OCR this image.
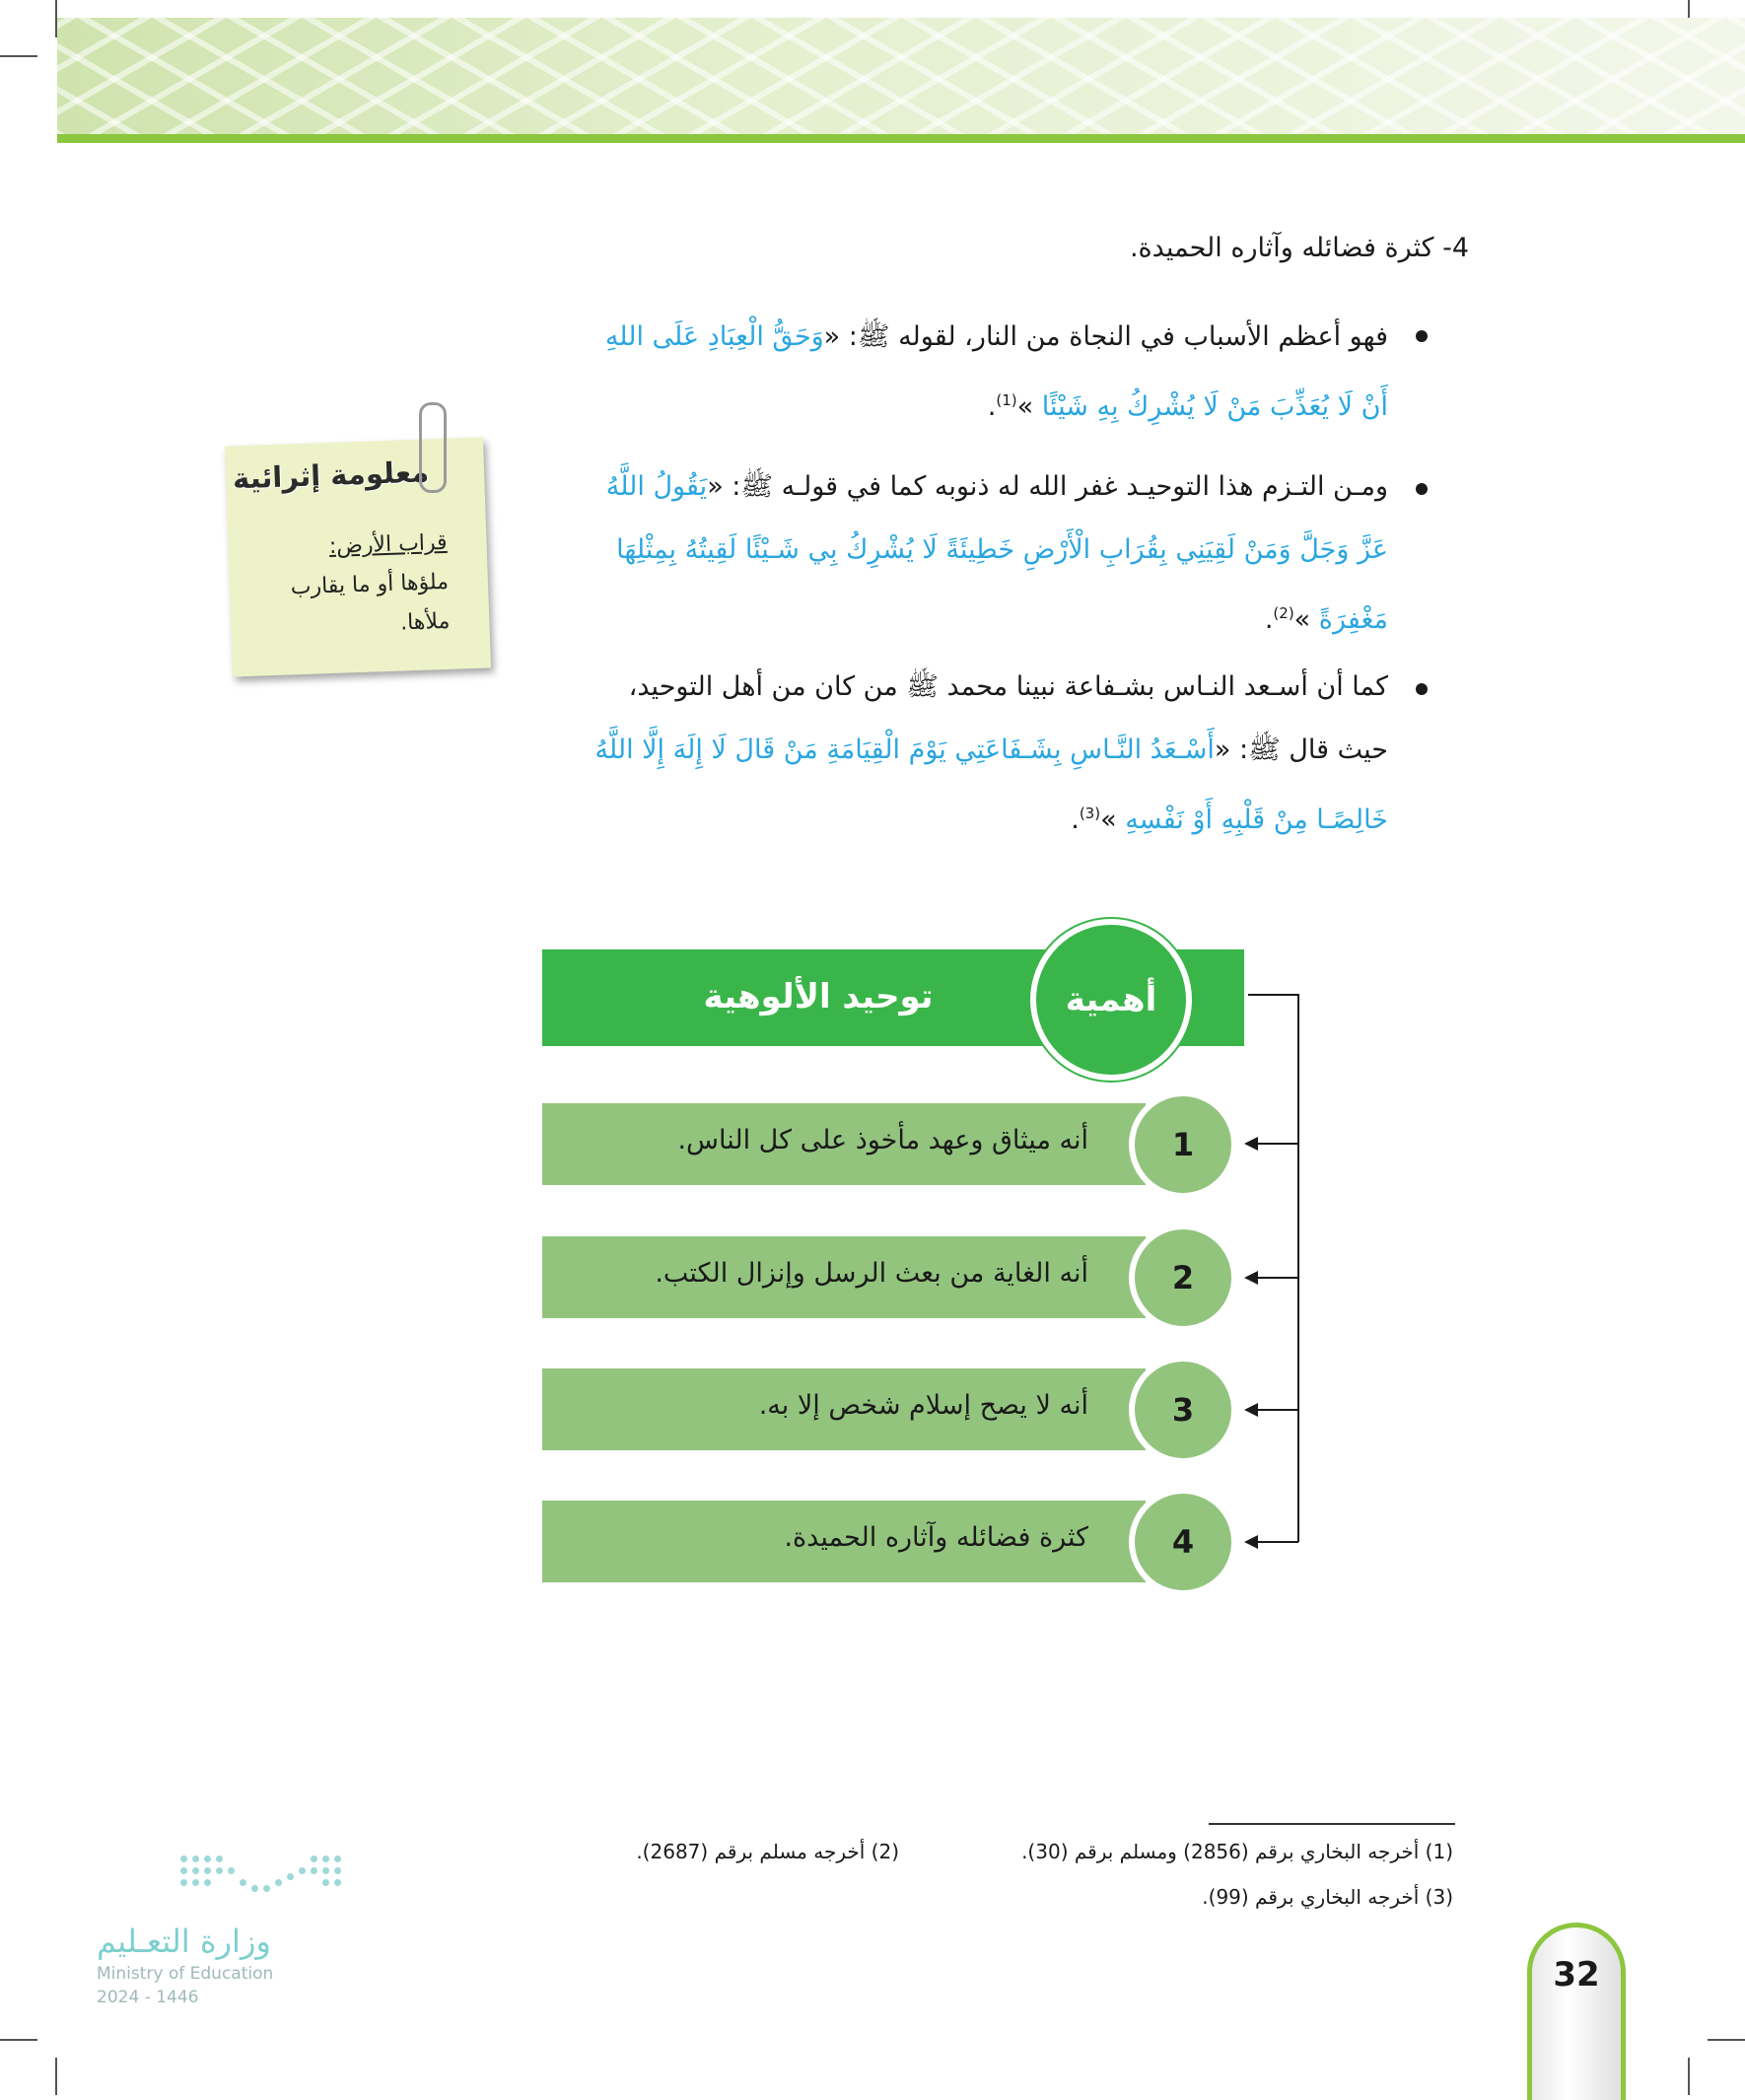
4- كثرة فضائله وآثاره الحميدة.
فهو أعظم الأسباب في النجاة من النار، لقوله ﷺ: «وَحَقُّ الْعِبَادِ عَلَى اللهِ
أَنْ لَا يُعَذِّبَ مَنْ لَا يُشْرِكُ بِهِ شَيْئًا »$^{(1)}$.
ومـن التـزم هذا التوحيـد غفر الله له ذنوبه كما في قولـه ﷺ: «يَقُولُ اللَّهُ
عَزَّ وَجَلَّ وَمَنْ لَقِيَنِي بِقُرَابِ الْأَرْضِ خَطِيئَةً لَا يُشْرِكُ بِي شَـيْئًا لَقِيتُهُ بِمِثْلِهَا
مَغْفِرَةً »$^{(2)}$.
كما أن أسـعد النـاس بشـفاعة نبينا محمد ﷺ من كان من أهل التوحيد،
حيث قال ﷺ: «أَسْـعَدُ النَّـاسِ بِشَـفَاعَتِي يَوْمَ الْقِيَامَةِ مَنْ قَالَ لَا إِلَهَ إِلَّا اللَّهُ
خَالِصًـا مِنْ قَلْبِهِ أَوْ نَفْسِهِ »$^{(3)}$.
معلومة إثرائية
قراب الأرض:
ملؤها أو ما يقارب
ملأها.
توحيد الألوهية	أهمية
أنه ميثاق وعهد مأخوذ على كل الناس.	1
أنه الغاية من بعث الرسل وإنزال الكتب.	2
أنه لا يصح إسلام شخص إلا به.	3
كثرة فضائله وآثاره الحميدة.	4
(1) أخرجه البخاري برقم (2856) ومسلم برقم (30).
(2) أخرجه مسلم برقم (2687).
(3) أخرجه البخاري برقم (99).
وزارة التعـليم
Ministry of Education
2024 - 1446
32
